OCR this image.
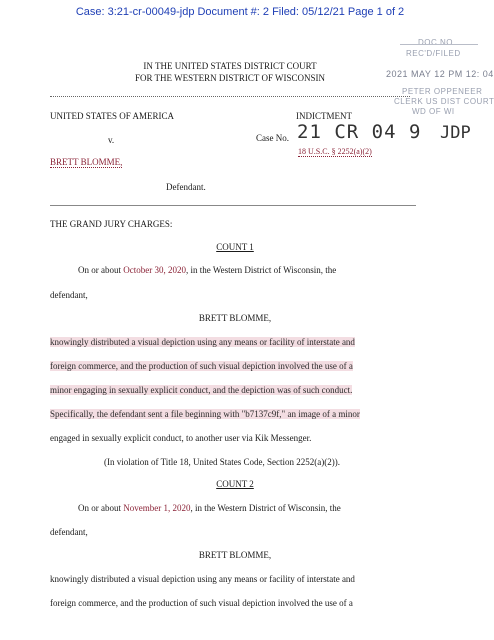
Case: 3:21-cr-00049-jdp Document #: 2 Filed: 05/12/21 Page 1 of 2
IN THE UNITED STATES DISTRICT COURT
FOR THE WESTERN DISTRICT OF WISCONSIN
DOC NO
REC'D/FILED
2021 MAY 12 PM 12: 04
PETER OPPENEER
CLERK US DIST COURT
WD OF WI
UNITED STATES OF AMERICA	INDICTMENT
v.	Case No. 21 CR 04 9 JDP
18 U.S.C. § 2252(a)(2)
BRETT BLOMME,
Defendant.
THE GRAND JURY CHARGES:
COUNT 1
On or about October 30, 2020, in the Western District of Wisconsin, the
defendant,
BRETT BLOMME,
knowingly distributed a visual depiction using any means or facility of interstate and
foreign commerce, and the production of such visual depiction involved the use of a
minor engaging in sexually explicit conduct, and the depiction was of such conduct.
Specifically, the defendant sent a file beginning with "b7137c9f," an image of a minor
engaged in sexually explicit conduct, to another user via Kik Messenger.
(In violation of Title 18, United States Code, Section 2252(a)(2)).
COUNT 2
On or about November 1, 2020, in the Western District of Wisconsin, the
defendant,
BRETT BLOMME,
knowingly distributed a visual depiction using any means or facility of interstate and
foreign commerce, and the production of such visual depiction involved the use of a
